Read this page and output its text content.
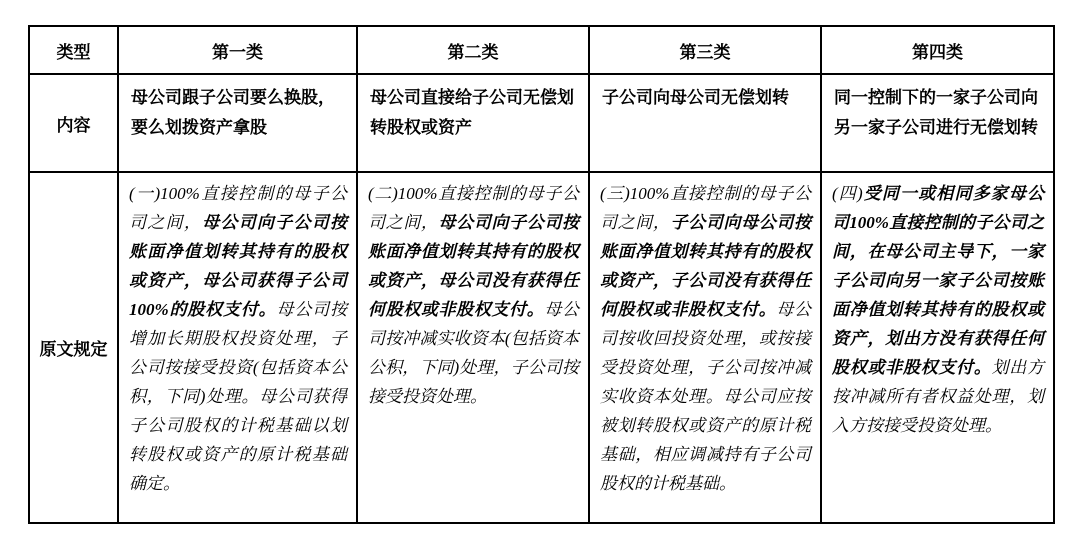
类型	第一类	第二类	第三类	第四类
内容	母公司跟子公司要么换股，要么划拨资产拿股	母公司直接给子公司无偿划转股权或资产	子公司向母公司无偿划转	同一控制下的一家子公司向另一家子公司进行无偿划转
原文规定	(一)100%直接控制的母子公司之间，母公司向子公司按账面净值划转其持有的股权或资产，母公司获得子公司100%的股权支付。母公司按增加长期股权投资处理，子公司按接受投资(包括资本公积，下同)处理。母公司获得子公司股权的计税基础以划转股权或资产的原计税基础确定。	(二)100%直接控制的母子公司之间，母公司向子公司按账面净值划转其持有的股权或资产，母公司没有获得任何股权或非股权支付。母公司按冲减实收资本(包括资本公积，下同)处理，子公司按接受投资处理。	(三)100%直接控制的母子公司之间，子公司向母公司按账面净值划转其持有的股权或资产，子公司没有获得任何股权或非股权支付。母公司按收回投资处理，或按接受投资处理，子公司按冲减实收资本处理。母公司应按被划转股权或资产的原计税基础，相应调减持有子公司股权的计税基础。	(四)受同一或相同多家母公司100%直接控制的子公司之间，在母公司主导下，一家子公司向另一家子公司按账面净值划转其持有的股权或资产，划出方没有获得任何股权或非股权支付。划出方按冲减所有者权益处理，划入方按接受投资处理。
